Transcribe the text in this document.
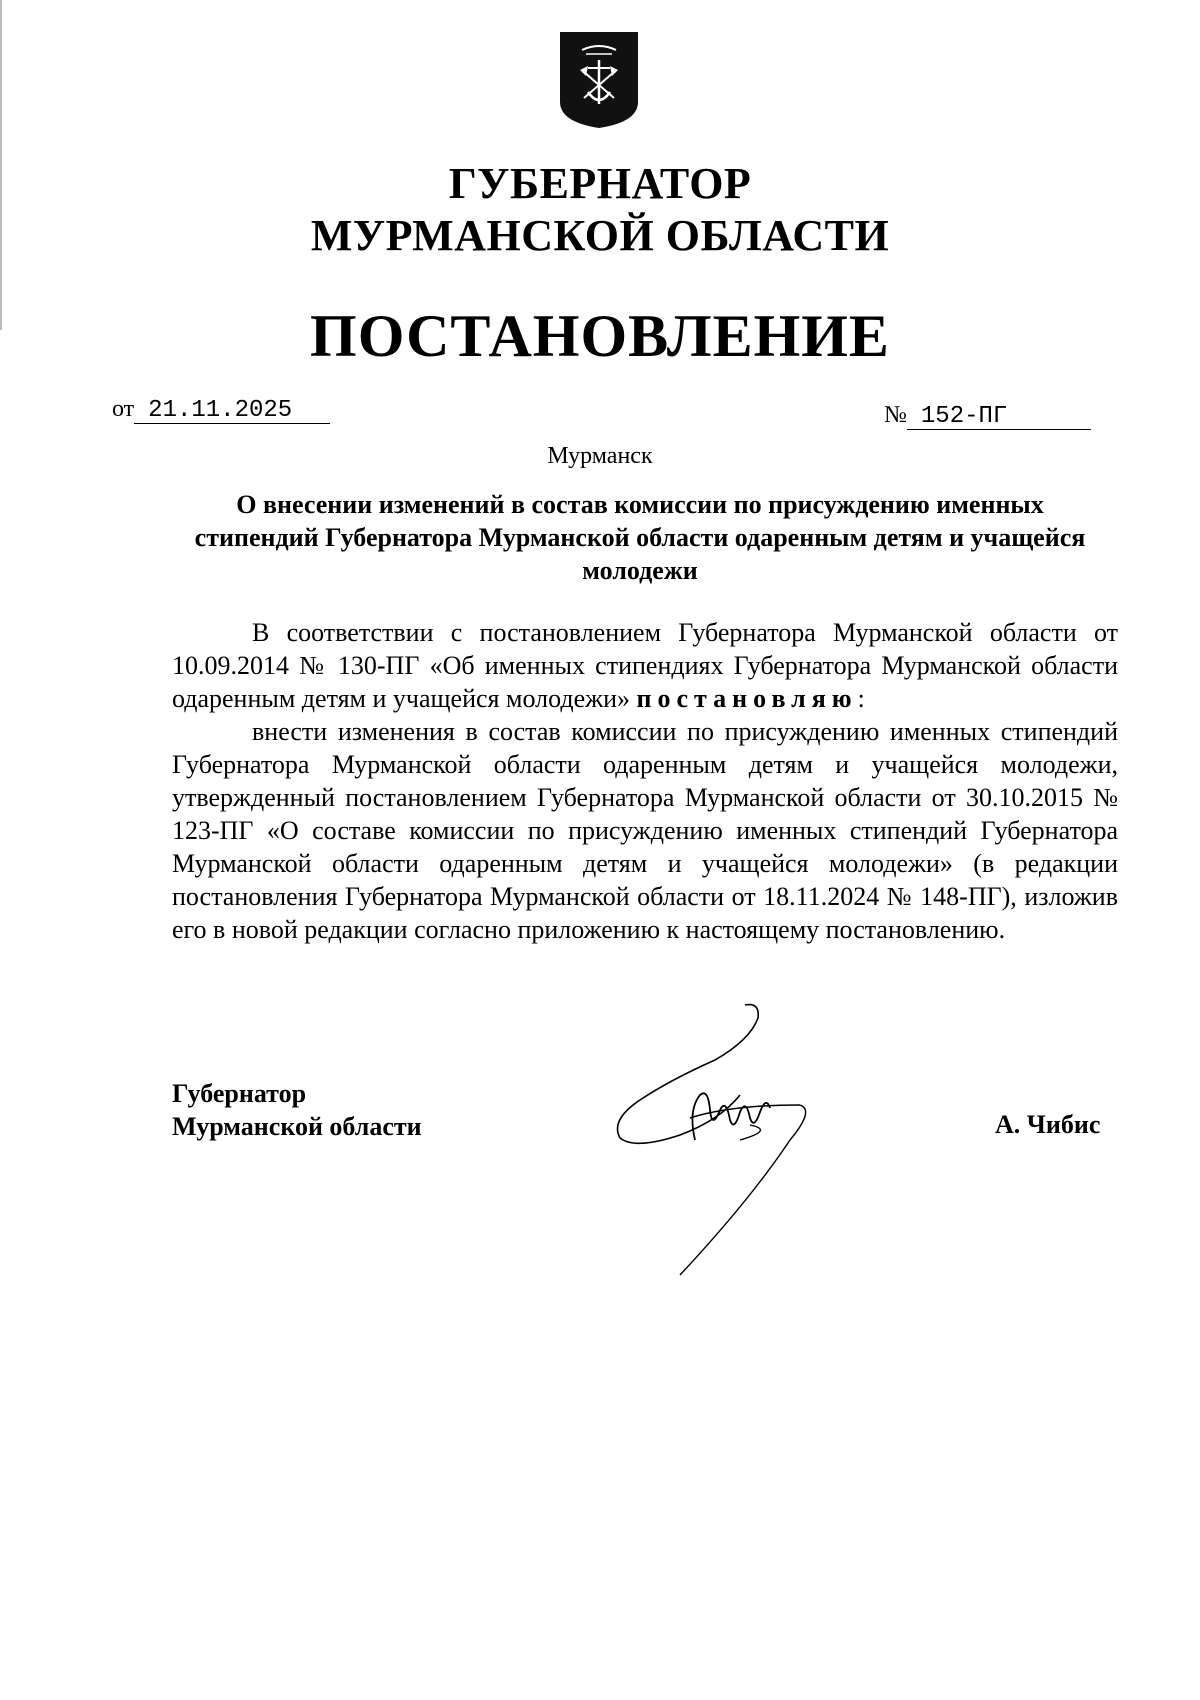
ГУБЕРНАТОР
МУРМАНСКОЙ ОБЛАСТИ
ПОСТАНОВЛЕНИЕ
от 21.11.2025	№ 152-ПГ
Мурманск
О внесении изменений в состав комиссии по присуждению именных стипендий Губернатора Мурманской области одаренным детям и учащейся молодежи

В соответствии с постановлением Губернатора Мурманской области от 10.09.2014 № 130-ПГ «Об именных стипендиях Губернатора Мурманской области одаренным детям и учащейся молодежи» постановляю:

внести изменения в состав комиссии по присуждению именных стипендий Губернатора Мурманской области одаренным детям и учащейся молодежи, утвержденный постановлением Губернатора Мурманской области от 30.10.2015 № 123-ПГ «О составе комиссии по присуждению именных стипендий Губернатора Мурманской области одаренным детям и учащейся молодежи» (в редакции постановления Губернатора Мурманской области от 18.11.2024 № 148-ПГ), изложив его в новой редакции согласно приложению к настоящему постановлению.

Губернатор
Мурманской области	А. Чибис
